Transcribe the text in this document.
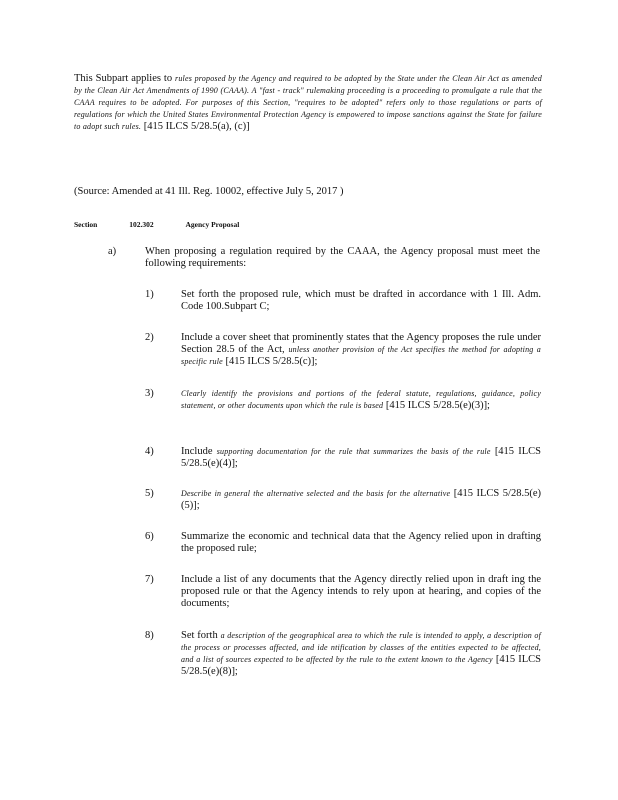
This Subpart applies to rules proposed by the Agency and required to be adopted by the State under the Clean Air Act as amended by the Clean Air Act Amendments of 1990 (CAAA). A "fast - track" rulemaking proceeding is a proceeding to promulgate a rule that the CAAA requires to be adopted. For purposes of this Section, "requires to be adopted" refers only to those regulations or parts of regulations for which the United States Environmental Protection Agency is empowered to impose sanctions against the State for failure to adopt such rules. [415 ILCS 5/28.5(a), (c)]

(Source: Amended at 41 Ill. Reg. 10002, effective July 5, 2017 )

Section	102.302	Agency Proposal
a)	When proposing a regulation required by the CAAA, the Agency proposal must meet the following requirements:

1)	Set forth the proposed rule, which must be drafted in accordance with 1 Ill. Adm. Code 100.Subpart C;

2)	Include a cover sheet that prominently states that the Agency proposes the rule under Section 28.5 of the Act, unless another provision of the Act specifies the method for adopting a specific rule [415 ILCS 5/28.5(c)];

3)	Clearly identify the provisions and portions of the federal statute, regulations, guidance, policy statement, or other documents upon which the rule is based [415 ILCS 5/28.5(e)(3)];

4)	Include supporting documentation for the rule that summarizes the basis of the rule [415 ILCS 5/28.5(e)(4)];

5)	Describe in general the alternative selected and the basis for the alternative [415 ILCS 5/28.5(e)(5)];

6)	Summarize the economic and technical data that the Agency relied upon in drafting the proposed rule;

7)	Include a list of any documents that the Agency directly relied upon in draft ing the proposed rule or that the Agency intends to rely upon at hearing, and copies of the documents;

8)	Set forth a description of the geographical area to which the rule is intended to apply, a description of the process or processes affected, and ide ntification by classes of the entities expected to be affected, and a list of sources expected to be affected by the rule to the extent known to the Agency [415 ILCS 5/28.5(e)(8)];
